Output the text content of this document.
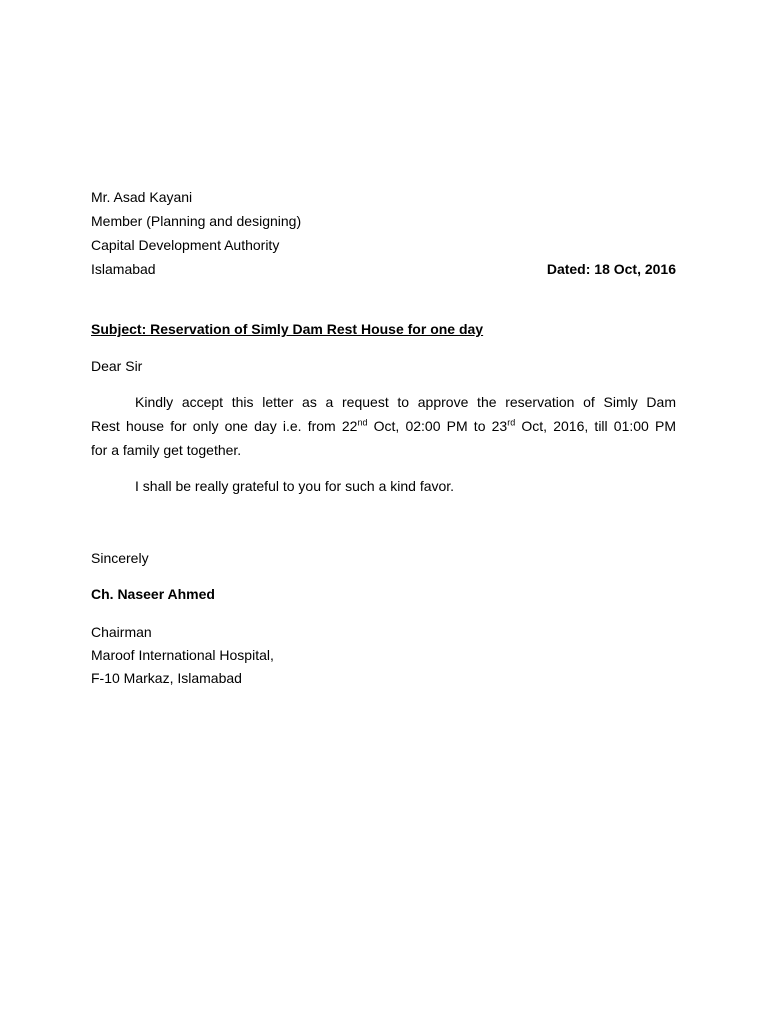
Mr. Asad Kayani

Member (Planning and designing)

Capital Development Authority

Islamabad	Dated: 18 Oct, 2016

Subject: Reservation of Simly Dam Rest House for one day

Dear Sir

Kindly accept this letter as a request to approve the reservation of Simly Dam
Rest house for only one day i.e. from 22nd Oct, 02:00 PM to 23rd Oct, 2016, till 01:00 PM
for a family get together.

I shall be really grateful to you for such a kind favor.

Sincerely

Ch. Naseer Ahmed

Chairman

Maroof International Hospital,

F-10 Markaz, Islamabad
